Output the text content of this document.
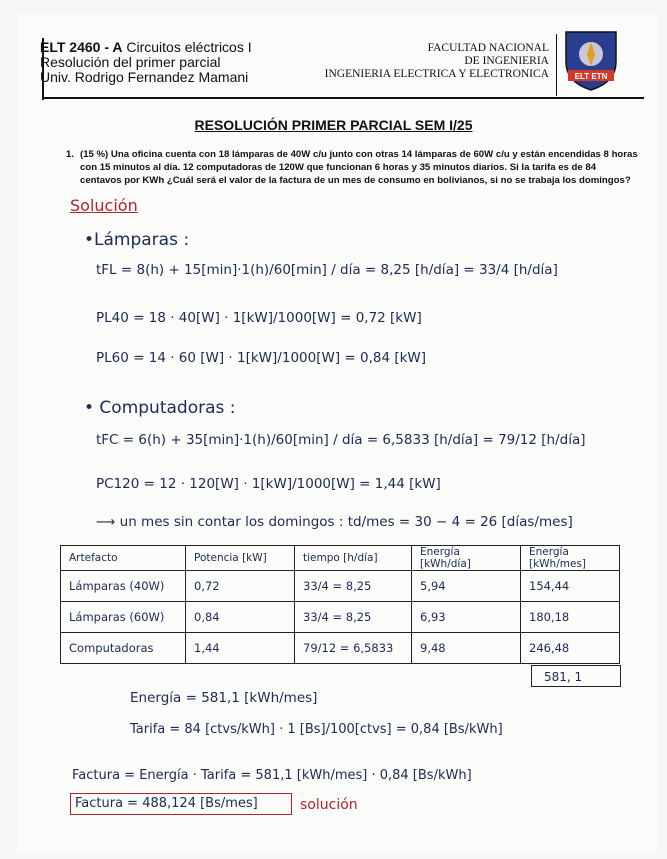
ELT 2460 - A Circuitos eléctricos I
Resolución del primer parcial
Univ. Rodrigo Fernandez Mamani
FACULTAD NACIONAL
DE INGENIERIA
INGENIERIA ELECTRICA Y ELECTRONICA	ELT ETN
RESOLUCIÓN PRIMER PARCIAL SEM I/25
1. (15 %) Una oficina cuenta con 18 lámparas de 40W c/u junto con otras 14 lámparas de 60W c/u y están encendidas 8 horas con 15 minutos al día. 12 computadoras de 120W que funcionan 6 horas y 35 minutos diarios. Si la tarifa es de 84 centavos por KWh ¿Cuál será el valor de la factura de un mes de consumo en bolivianos, si no se trabaja los domingos?
Solución
•Lámparas :
tFL = 8(h) + 15[min]·1(h)/60[min] / día = 8,25 [h/día] = 33/4 [h/día]
PL40 = 18 · 40[W] · 1[kW]/1000[W] = 0,72 [kW]
PL60 = 14 · 60 [W] · 1[kW]/1000[W] = 0,84 [kW]
• Computadoras :
tFC = 6(h) + 35[min]·1(h)/60[min] / día = 6,5833 [h/día] = 79/12 [h/día]
PC120 = 12 · 120[W] · 1[kW]/1000[W] = 1,44 [kW]
⟶ un mes sin contar los domingos : td/mes = 30 − 4 = 26 [días/mes]
Artefacto	Potencia [kW]	tiempo [h/día]	Energía [kWh/día]	Energía [kWh/mes]
Lámparas (40W)	0,72	33/4 = 8,25	5,94	154,44
Lámparas (60W)	0,84	33/4 = 8,25	6,93	180,18
Computadoras	1,44	79/12 = 6,5833	9,48	246,48
581, 1
Energía = 581,1 [kWh/mes]
Tarifa = 84 [ctvs/kWh] · 1 [Bs]/100[ctvs] = 0,84 [Bs/kWh]
Factura = Energía · Tarifa = 581,1 [kWh/mes] · 0,84 [Bs/kWh]
Factura = 488,124 [Bs/mes]	solución
